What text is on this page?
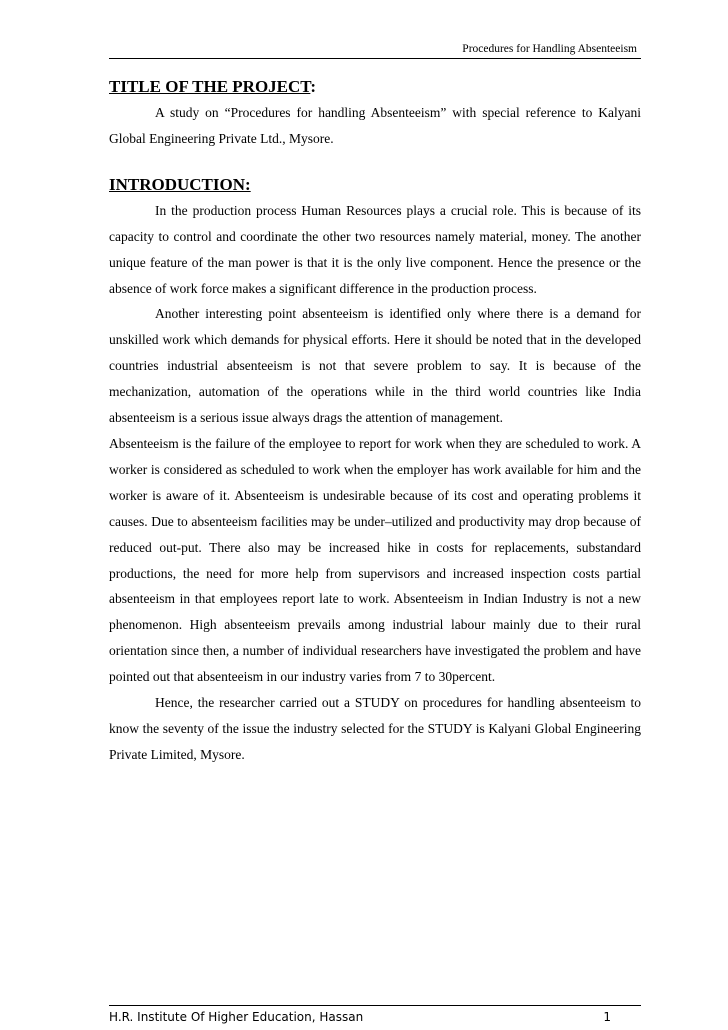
Procedures for Handling Absenteeism
TITLE OF THE PROJECT:

A study on “Procedures for handling Absenteeism” with special reference to Kalyani Global Engineering Private Ltd., Mysore.

INTRODUCTION:

In the production process Human Resources plays a crucial role. This is because of its capacity to control and coordinate the other two resources namely material, money. The another unique feature of the man power is that it is the only live component. Hence the presence or the absence of work force makes a significant difference in the production process.

Another interesting point absenteeism is identified only where there is a demand for unskilled work which demands for physical efforts. Here it should be noted that in the developed countries industrial absenteeism is not that severe problem to say. It is because of the mechanization, automation of the operations while in the third world countries like India absenteeism is a serious issue always drags the attention of management.

Absenteeism is the failure of the employee to report for work when they are scheduled to work. A worker is considered as scheduled to work when the employer has work available for him and the worker is aware of it. Absenteeism is undesirable because of its cost and operating problems it causes. Due to absenteeism facilities may be under–utilized and productivity may drop because of reduced out-put. There also may be increased hike in costs for replacements, substandard productions, the need for more help from supervisors and increased inspection costs partial absenteeism in that employees report late to work. Absenteeism in Indian Industry is not a new phenomenon. High absenteeism prevails among industrial labour mainly due to their rural orientation since then, a number of individual researchers have investigated the problem and have pointed out that absenteeism in our industry varies from 7 to 30percent.

Hence, the researcher carried out a STUDY on procedures for handling absenteeism to know the seventy of the issue the industry selected for the STUDY is Kalyani Global Engineering Private Limited, Mysore.

H.R. Institute Of Higher Education, Hassan	1
